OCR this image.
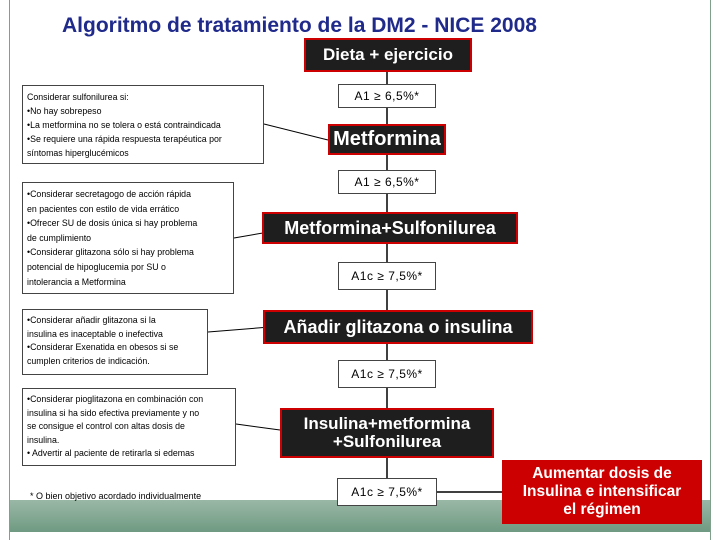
Algoritmo de tratamiento de la DM2 - NICE 2008
Dieta + ejercicio
A1 ≥ 6,5%*
Metformina
A1 ≥ 6,5%*
Metformina+Sulfonilurea
A1c ≥ 7,5%*
Añadir glitazona o insulina
A1c ≥ 7,5%*
Insulina+metformina
+Sulfonilurea
A1c ≥ 7,5%*
Aumentar dosis de
Insulina e intensificar
el régimen
Considerar sulfonilurea si:
•No hay sobrepeso
•La metformina no se tolera o está contraindicada
•Se requiere una rápida respuesta terapéutica por
síntomas hiperglucémicos
•Considerar secretagogo de acción rápida
en pacientes con estilo de vida errático
•Ofrecer SU de dosis única si hay problema
de cumplimiento
•Considerar glitazona sólo si hay problema
potencial de hipoglucemia por SU o
intolerancia a Metformina
•Considerar añadir glitazona si la
insulina es inaceptable o inefectiva
•Considerar Exenatida en obesos si se
cumplen criterios de indicación.
•Considerar pioglitazona en combinación con
insulina si ha sido efectiva previamente y no
se consigue el control con altas dosis de
insulina.
• Advertir al paciente de retirarla si edemas
* O bien objetivo acordado individualmente
